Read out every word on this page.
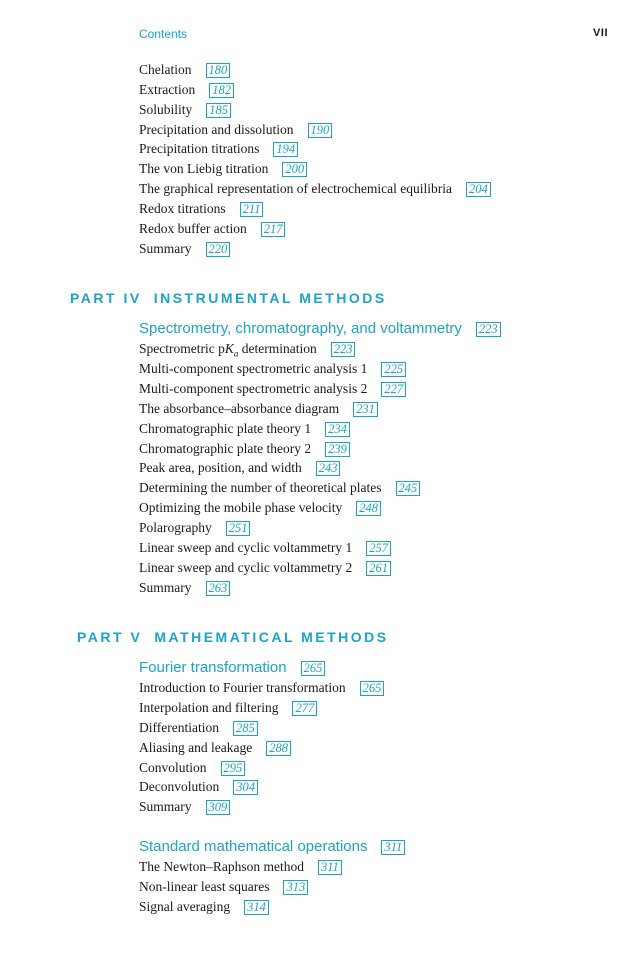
Contents	VII
Chelation 180
Extraction 182
Solubility 185
Precipitation and dissolution 190
Precipitation titrations 194
The von Liebig titration 200
The graphical representation of electrochemical equilibria 204
Redox titrations 211
Redox buffer action 217
Summary 220
PART IV INSTRUMENTAL METHODS
Spectrometry, chromatography, and voltammetry 223
Spectrometric $pK_a$ determination 223
Multi-component spectrometric analysis 1 225
Multi-component spectrometric analysis 2 227
The absorbance–absorbance diagram 231
Chromatographic plate theory 1 234
Chromatographic plate theory 2 239
Peak area, position, and width 243
Determining the number of theoretical plates 245
Optimizing the mobile phase velocity 248
Polarography 251
Linear sweep and cyclic voltammetry 1 257
Linear sweep and cyclic voltammetry 2 261
Summary 263
PART V MATHEMATICAL METHODS
Fourier transformation 265
Introduction to Fourier transformation 265
Interpolation and filtering 277
Differentiation 285
Aliasing and leakage 288
Convolution 295
Deconvolution 304
Summary 309
Standard mathematical operations 311
The Newton–Raphson method 311
Non-linear least squares 313
Signal averaging 314
